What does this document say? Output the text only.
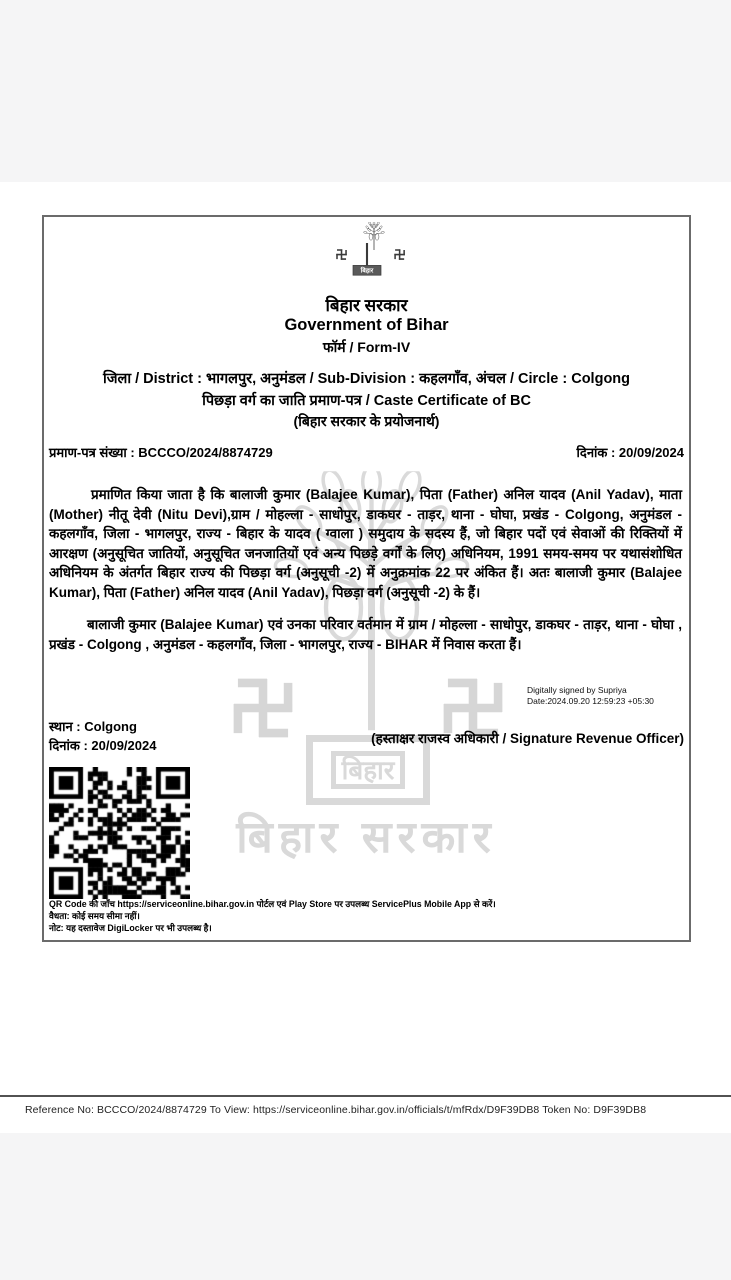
बिहार
बिहार सरकार
बिहार
बिहार सरकार
Government of Bihar
फॉर्म / Form-IV
जिला / District : भागलपुर, अनुमंडल / Sub-Division : कहलगाँव, अंचल / Circle : Colgong
पिछड़ा वर्ग का जाति प्रमाण-पत्र / Caste Certificate of BC
(बिहार सरकार के प्रयोजनार्थ)
प्रमाण-पत्र संख्या : BCCCO/2024/8874729	दिनांक : 20/09/2024
प्रमाणित किया जाता है कि बालाजी कुमार (Balajee Kumar), पिता (Father) अनिल यादव (Anil Yadav), माता (Mother) नीतू देवी (Nitu Devi),ग्राम / मोहल्ला - साधोपुर, डाकघर - ताड़र, थाना - घोघा, प्रखंड - Colgong, अनुमंडल - कहलगाँव, जिला - भागलपुर, राज्य - बिहार के यादव ( ग्वाला ) समुदाय के सदस्य हैं, जो बिहार पदों एवं सेवाओं की रिक्तियों में आरक्षण (अनुसूचित जातियों, अनुसूचित जनजातियों एवं अन्य पिछड़े वर्गों के लिए) अधिनियम, 1991 समय-समय पर यथासंशोधित अधिनियम के अंतर्गत बिहार राज्य की पिछड़ा वर्ग (अनुसूची -2) में अनुक्रमांक 22 पर अंकित हैं। अतः बालाजी कुमार (Balajee Kumar), पिता (Father) अनिल यादव (Anil Yadav), पिछड़ा वर्ग (अनुसूची -2) के हैं।
बालाजी कुमार (Balajee Kumar) एवं उनका परिवार वर्तमान में ग्राम / मोहल्ला - साधोपुर, डाकघर - ताड़र, थाना - घोघा , प्रखंड - Colgong , अनुमंडल - कहलगाँव, जिला - भागलपुर, राज्य - BIHAR में निवास करता हैं।
Digitally signed by Supriya
Date:2024.09.20 12:59:23 +05:30
स्थान : Colgong
दिनांक : 20/09/2024	(हस्ताक्षर राजस्व अधिकारी / Signature Revenue Officer)
QR Code की जाँच https://serviceonline.bihar.gov.in पोर्टल एवं Play Store पर उपलब्ध ServicePlus Mobile App से करें।
वैधता: कोई समय सीमा नहीं।
नोट: यह दस्तावेज DigiLocker पर भी उपलब्ध है।
Reference No: BCCCO/2024/8874729 To View: https://serviceonline.bihar.gov.in/officials/t/mfRdx/D9F39DB8 Token No: D9F39DB8
